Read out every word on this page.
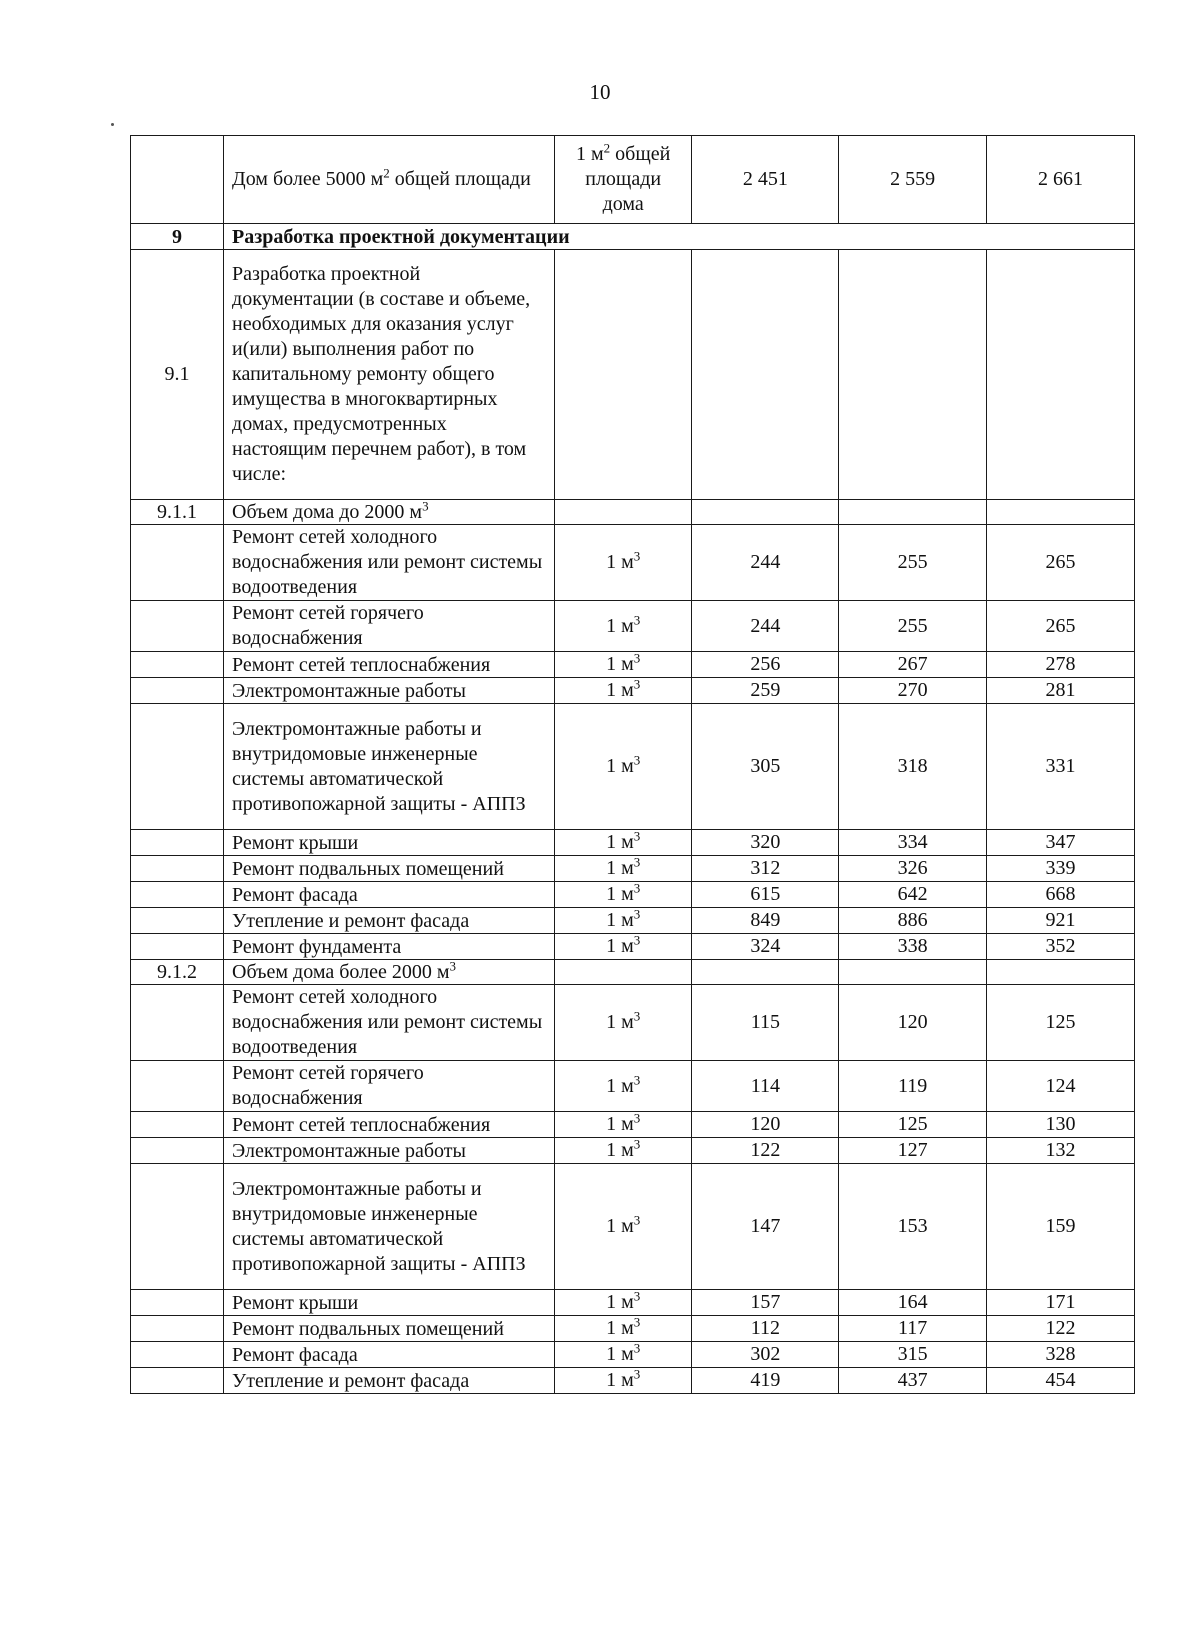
10
	Дом более 5000 $м^2$ общей площади	1 $м^2$ общей площади дома	2 451	2 559	2 661
9	Разработка проектной документации				
9.1	Разработка проектной документации (в составе и объеме, необходимых для оказания услуг и(или) выполнения работ по капитальному ремонту общего имущества в многоквартирных домах, предусмотренных настоящим перечнем работ), в том числе:				
9.1.1	Объем дома до 2000 $м^3$				
	Ремонт сетей холодного водоснабжения или ремонт системы водоотведения	1 $м^3$	244	255	265
	Ремонт сетей горячего водоснабжения	1 $м^3$	244	255	265
	Ремонт сетей теплоснабжения	1 $м^3$	256	267	278
	Электромонтажные работы	1 $м^3$	259	270	281
	Электромонтажные работы и внутридомовые инженерные системы автоматической противопожарной защиты - АППЗ	1 $м^3$	305	318	331
	Ремонт крыши	1 $м^3$	320	334	347
	Ремонт подвальных помещений	1 $м^3$	312	326	339
	Ремонт фасада	1 $м^3$	615	642	668
	Утепление и ремонт фасада	1 $м^3$	849	886	921
	Ремонт фундамента	1 $м^3$	324	338	352
9.1.2	Объем дома более 2000 $м^3$				
	Ремонт сетей холодного водоснабжения или ремонт системы водоотведения	1 $м^3$	115	120	125
	Ремонт сетей горячего водоснабжения	1 $м^3$	114	119	124
	Ремонт сетей теплоснабжения	1 $м^3$	120	125	130
	Электромонтажные работы	1 $м^3$	122	127	132
	Электромонтажные работы и внутридомовые инженерные системы автоматической противопожарной защиты - АППЗ	1 $м^3$	147	153	159
	Ремонт крыши	1 $м^3$	157	164	171
	Ремонт подвальных помещений	1 $м^3$	112	117	122
	Ремонт фасада	1 $м^3$	302	315	328
	Утепление и ремонт фасада	1 $м^3$	419	437	454
